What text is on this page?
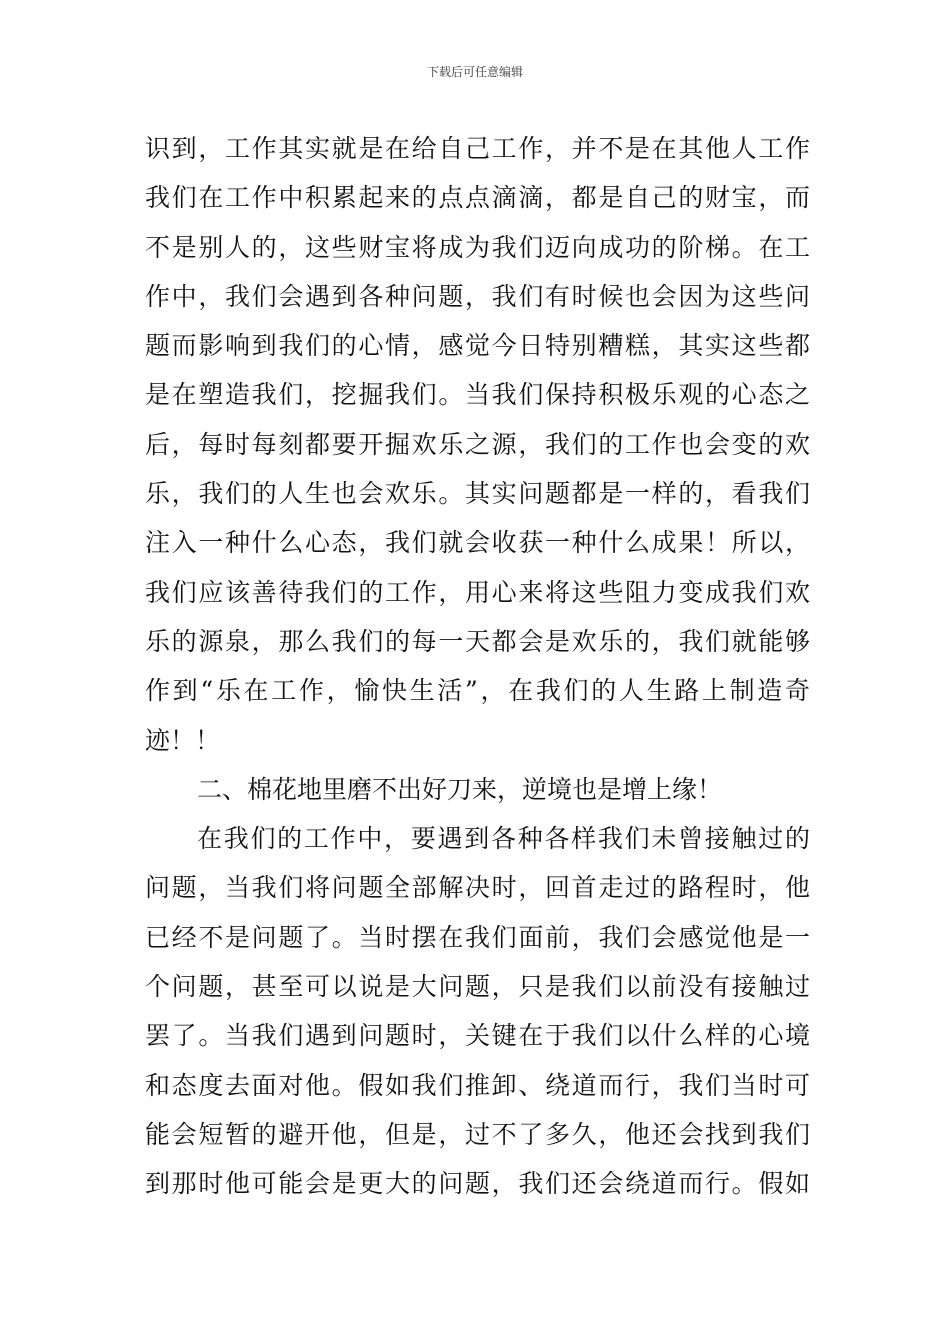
下载后可任意编辑
识到，工作其实就是在给自己工作，并不是在其他人工作
我们在工作中积累起来的点点滴滴，都是自己的财宝，而
不是别人的，这些财宝将成为我们迈向成功的阶梯。在工
作中，我们会遇到各种问题，我们有时候也会因为这些问
题而影响到我们的心情，感觉今日特别糟糕，其实这些都
是在塑造我们，挖掘我们。当我们保持积极乐观的心态之
后，每时每刻都要开掘欢乐之源，我们的工作也会变的欢
乐，我们的人生也会欢乐。其实问题都是一样的，看我们
注入一种什么心态，我们就会收获一种什么成果！所以，
我们应该善待我们的工作，用心来将这些阻力变成我们欢
乐的源泉，那么我们的每一天都会是欢乐的，我们就能够
作到“乐在工作，愉快生活”，在我们的人生路上制造奇
迹！！
二、棉花地里磨不出好刀来，逆境也是增上缘！
在我们的工作中，要遇到各种各样我们未曾接触过的
问题，当我们将问题全部解决时，回首走过的路程时，他
已经不是问题了。当时摆在我们面前，我们会感觉他是一
个问题，甚至可以说是大问题，只是我们以前没有接触过
罢了。当我们遇到问题时，关键在于我们以什么样的心境
和态度去面对他。假如我们推卸、绕道而行，我们当时可
能会短暂的避开他，但是，过不了多久，他还会找到我们
到那时他可能会是更大的问题，我们还会绕道而行。假如
